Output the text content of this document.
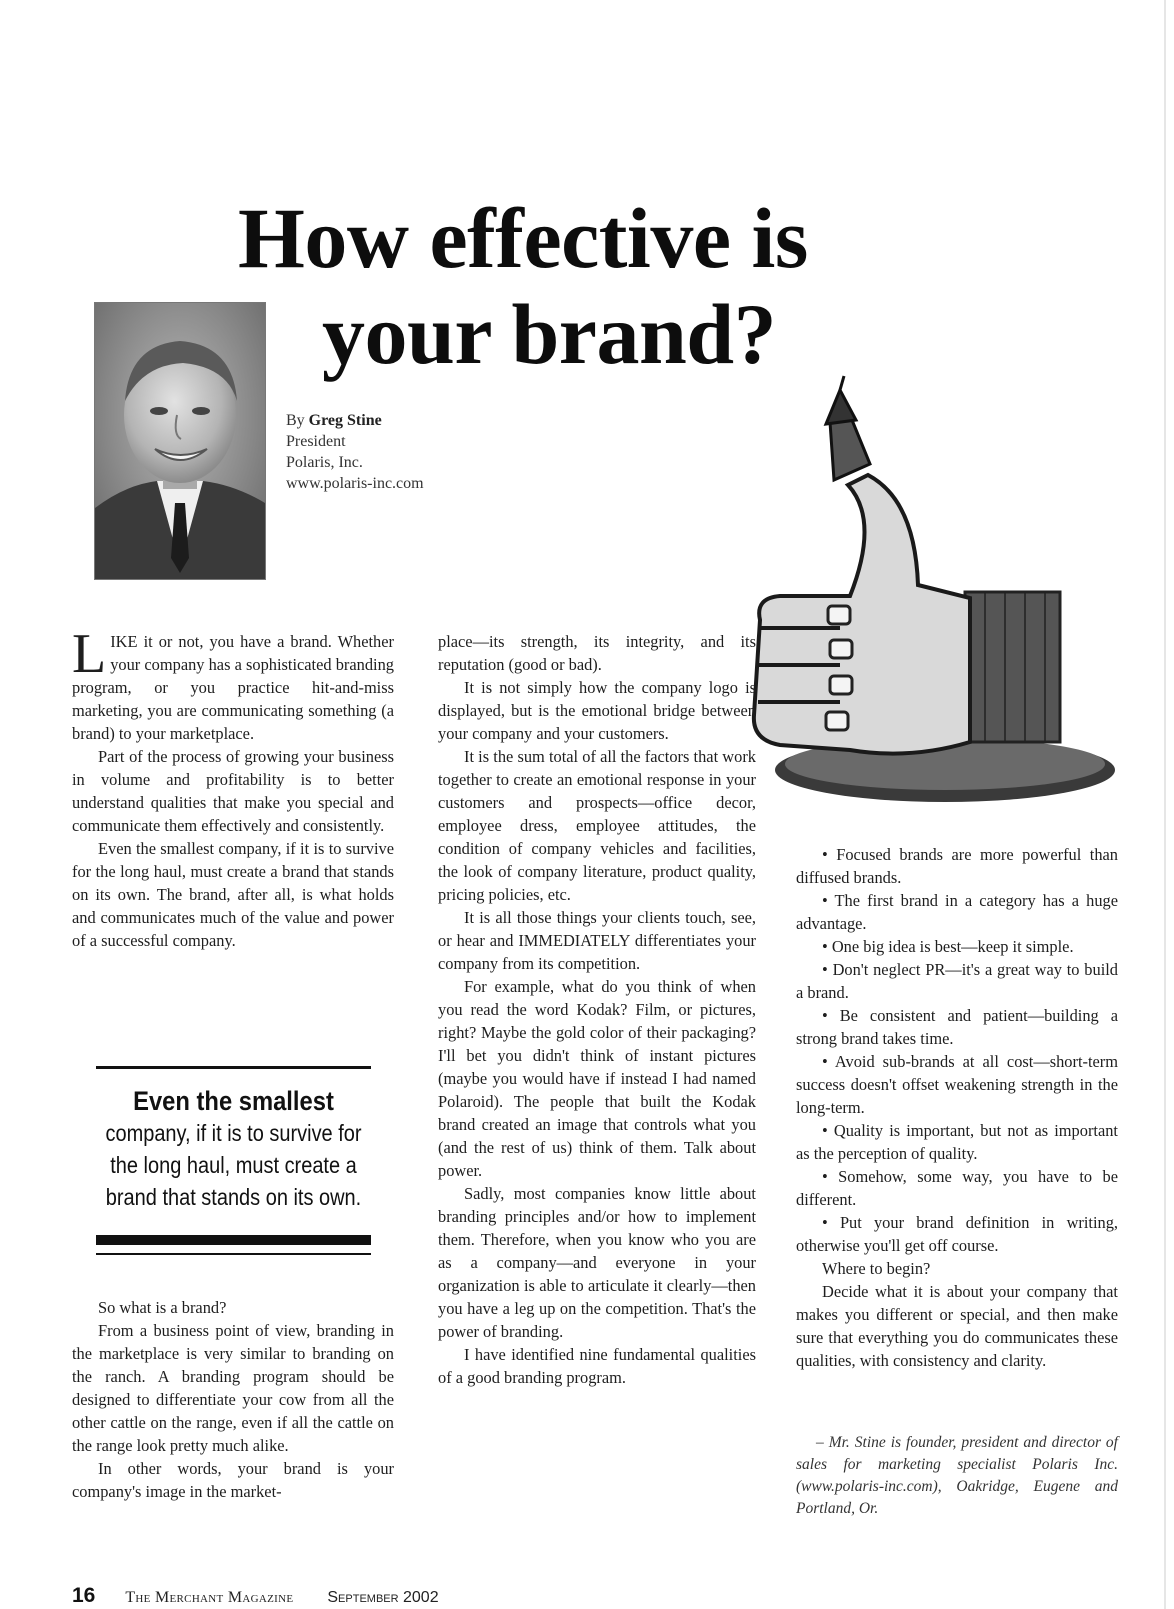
How effective is
your brand?
By Greg Stine
President
Polaris, Inc.
www.polaris-inc.com

LIKE it or not, you have a brand. Whether your company has a sophisticated branding program, or you practice hit-and-miss marketing, you are communicating something (a brand) to your marketplace.

Part of the process of growing your business in volume and profitability is to better understand qualities that make you special and communicate them effectively and consistently.

Even the smallest company, if it is to survive for the long haul, must create a brand that stands on its own. The brand, after all, is what holds and communicates much of the value and power of a successful company.

Even the smallest
company, if it is to survive for the long haul, must create a brand that stands on its own.

So what is a brand?

From a business point of view, branding in the marketplace is very similar to branding on the ranch. A branding program should be designed to differentiate your cow from all the other cattle on the range, even if all the cattle on the range look pretty much alike.

In other words, your brand is your company's image in the market-

place—its strength, its integrity, and its reputation (good or bad).

It is not simply how the company logo is displayed, but is the emotional bridge between your company and your customers.

It is the sum total of all the factors that work together to create an emotional response in your customers and prospects—office decor, employee dress, employee attitudes, the condition of company vehicles and facilities, the look of company literature, product quality, pricing policies, etc.

It is all those things your clients touch, see, or hear and IMMEDIATELY differentiates your company from its competition.

For example, what do you think of when you read the word Kodak? Film, or pictures, right? Maybe the gold color of their packaging? I'll bet you didn't think of instant pictures (maybe you would have if instead I had named Polaroid). The people that built the Kodak brand created an image that controls what you (and the rest of us) think of them. Talk about power.

Sadly, most companies know little about branding principles and/or how to implement them. Therefore, when you know who you are as a company—and everyone in your organization is able to articulate it clearly—then you have a leg up on the competition. That's the power of branding.

I have identified nine fundamental qualities of a good branding program.

• Focused brands are more powerful than diffused brands.
• The first brand in a category has a huge advantage.
• One big idea is best—keep it simple.
• Don't neglect PR—it's a great way to build a brand.
• Be consistent and patient—building a strong brand takes time.
• Avoid sub-brands at all cost—short-term success doesn't offset weakening strength in the long-term.
• Quality is important, but not as important as the perception of quality.
• Somehow, some way, you have to be different.
• Put your brand definition in writing, otherwise you'll get off course.

Where to begin?

Decide what it is about your company that makes you different or special, and then make sure that everything you do communicates these qualities, with consistency and clarity.

– Mr. Stine is founder, president and director of sales for marketing specialist Polaris Inc. (www.polaris-inc.com), Oakridge, Eugene and Portland, Or.
16 The Merchant Magazine September 2002
